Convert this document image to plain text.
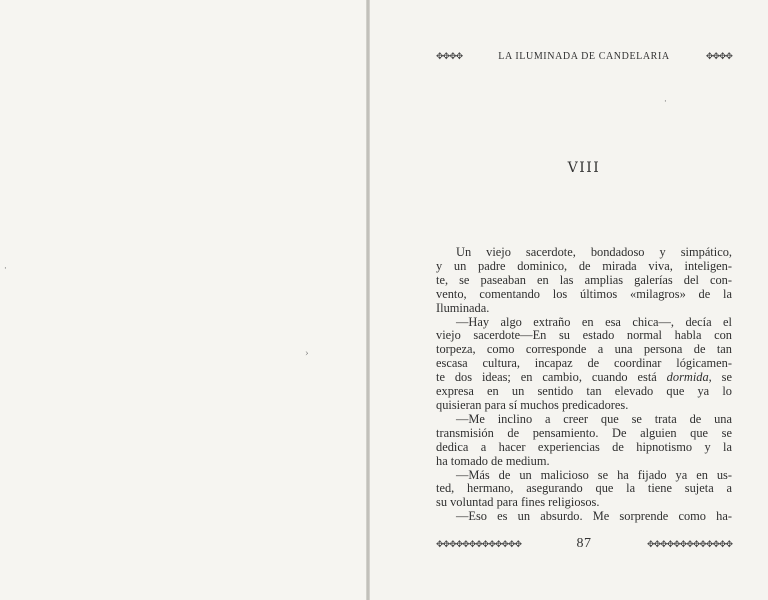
·
›
·
✥✥✥✥	LA ILUMINADA DE CANDELARIA	✥✥✥✥
VIII
Un viejo sacerdote, bondadoso y simpático,
y un padre dominico, de mirada viva, inteligen-
te, se paseaban en las amplias galerías del con-
vento, comentando los últimos «milagros» de la
Iluminada.
—Hay algo extraño en esa chica—, decía el
viejo sacerdote—En su estado normal habla con
torpeza, como corresponde a una persona de tan
escasa cultura, incapaz de coordinar lógicamen-
te dos ideas; en cambio, cuando está dormida, se
expresa en un sentido tan elevado que ya lo
quisieran para sí muchos predicadores.
—Me inclino a creer que se trata de una
transmisión de pensamiento. De alguien que se
dedica a hacer experiencias de hipnotismo y la
ha tomado de medium.
—Más de un malicioso se ha fijado ya en us-
ted, hermano, asegurando que la tiene sujeta a
su voluntad para fines religiosos.
—Eso es un absurdo. Me sorprende como ha-
✥✥✥✥✥✥✥✥✥✥✥✥✥	87	✥✥✥✥✥✥✥✥✥✥✥✥✥
